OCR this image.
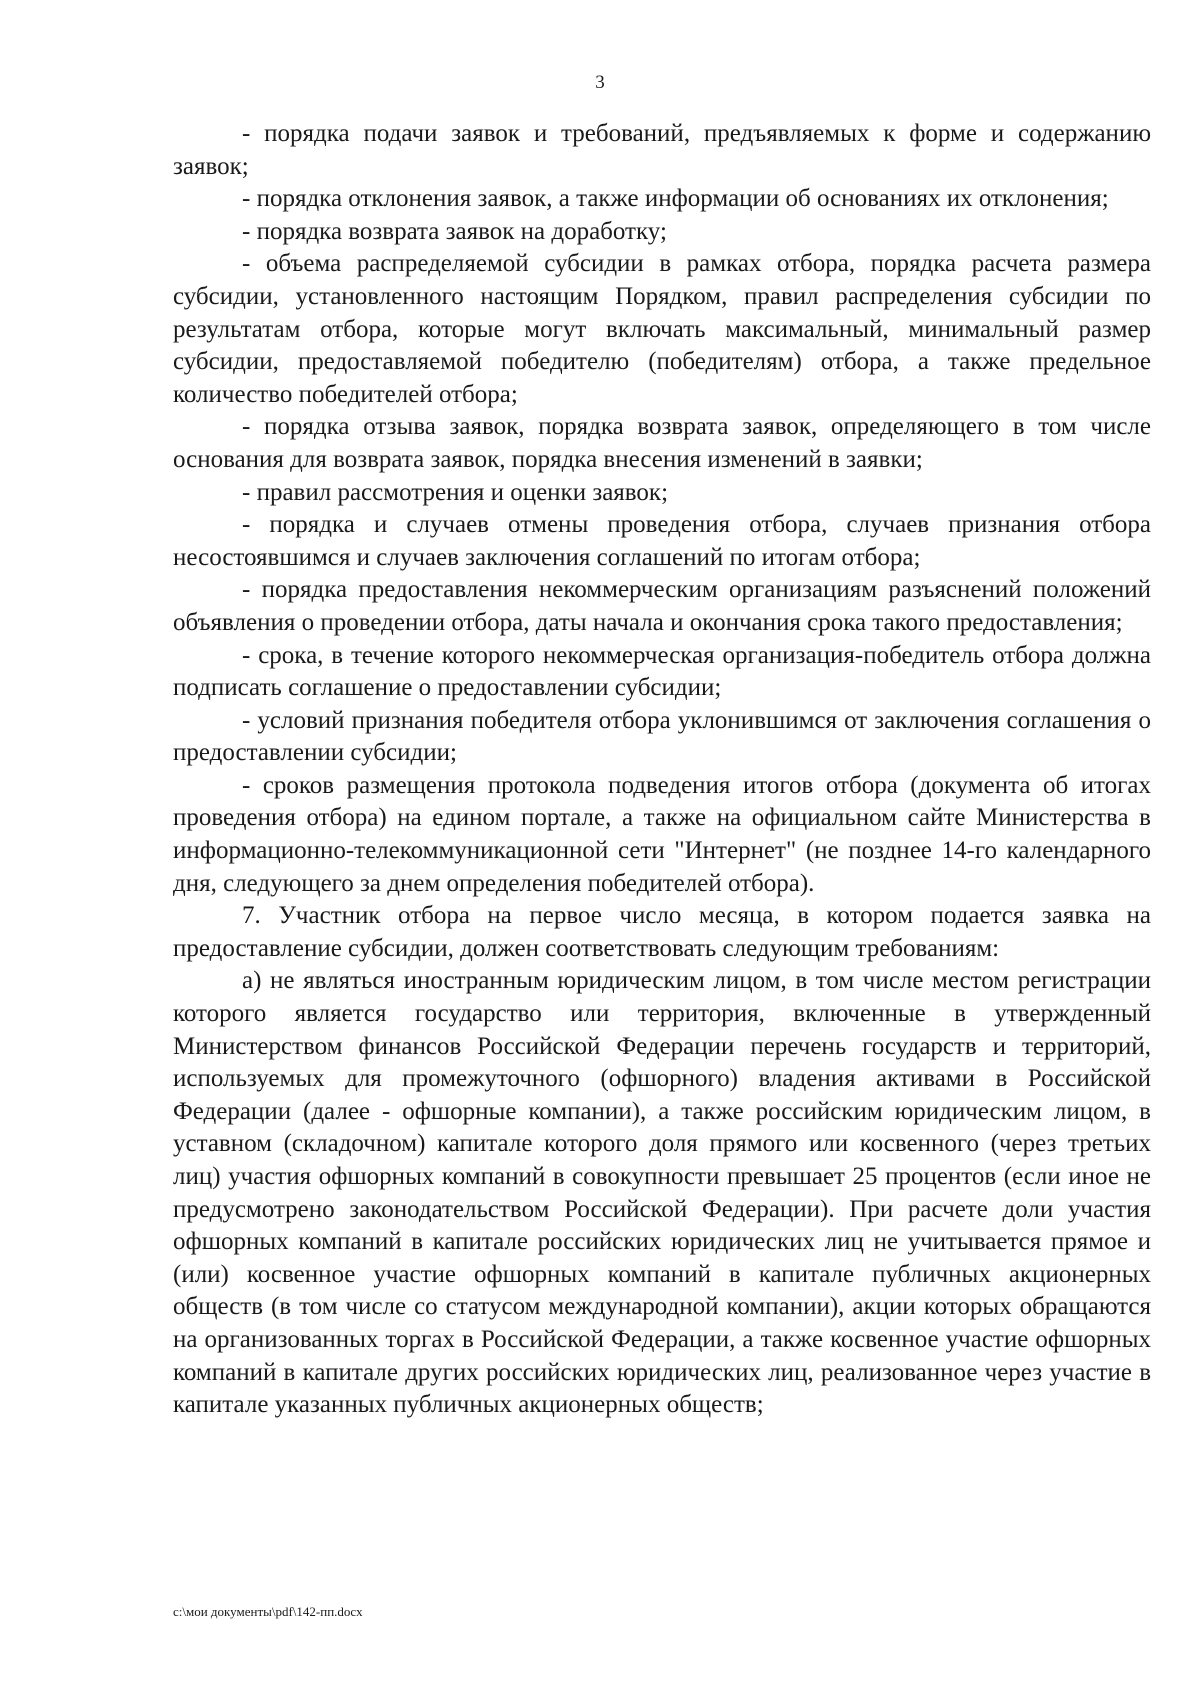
3

- порядка подачи заявок и требований, предъявляемых к форме и содержанию заявок;

- порядка отклонения заявок, а также информации об основаниях их отклонения;

- порядка возврата заявок на доработку;

- объема распределяемой субсидии в рамках отбора, порядка расчета размера субсидии, установленного настоящим Порядком, правил распределения субсидии по результатам отбора, которые могут включать максимальный, минимальный размер субсидии, предоставляемой победителю (победителям) отбора, а также предельное количество победителей отбора;

- порядка отзыва заявок, порядка возврата заявок, определяющего в том числе основания для возврата заявок, порядка внесения изменений в заявки;

- правил рассмотрения и оценки заявок;

- порядка и случаев отмены проведения отбора, случаев признания отбора несостоявшимся и случаев заключения соглашений по итогам отбора;

- порядка предоставления некоммерческим организациям разъяснений положений объявления о проведении отбора, даты начала и окончания срока такого предоставления;

- срока, в течение которого некоммерческая организация-победитель отбора должна подписать соглашение о предоставлении субсидии;

- условий признания победителя отбора уклонившимся от заключения соглашения о предоставлении субсидии;

- сроков размещения протокола подведения итогов отбора (документа об итогах проведения отбора) на едином портале, а также на официальном сайте Министерства в информационно-телекоммуникационной сети "Интернет" (не позднее 14-го календарного дня, следующего за днем определения победителей отбора).

7. Участник отбора на первое число месяца, в котором подается заявка на предоставление субсидии, должен соответствовать следующим требованиям:

а) не являться иностранным юридическим лицом, в том числе местом регистрации которого является государство или территория, включенные в утвержденный Министерством финансов Российской Федерации перечень государств и территорий, используемых для промежуточного (офшорного) владения активами в Российской Федерации (далее - офшорные компании), а также российским юридическим лицом, в уставном (складочном) капитале которого доля прямого или косвенного (через третьих лиц) участия офшорных компаний в совокупности превышает 25 процентов (если иное не предусмотрено законодательством Российской Федерации). При расчете доли участия офшорных компаний в капитале российских юридических лиц не учитывается прямое и (или) косвенное участие офшорных компаний в капитале публичных акционерных обществ (в том числе со статусом международной компании), акции которых обращаются на организованных торгах в Российской Федерации, а также косвенное участие офшорных компаний в капитале других российских юридических лиц, реализованное через участие в капитале указанных публичных акционерных обществ;

c:\мои документы\pdf\142-пп.docx
